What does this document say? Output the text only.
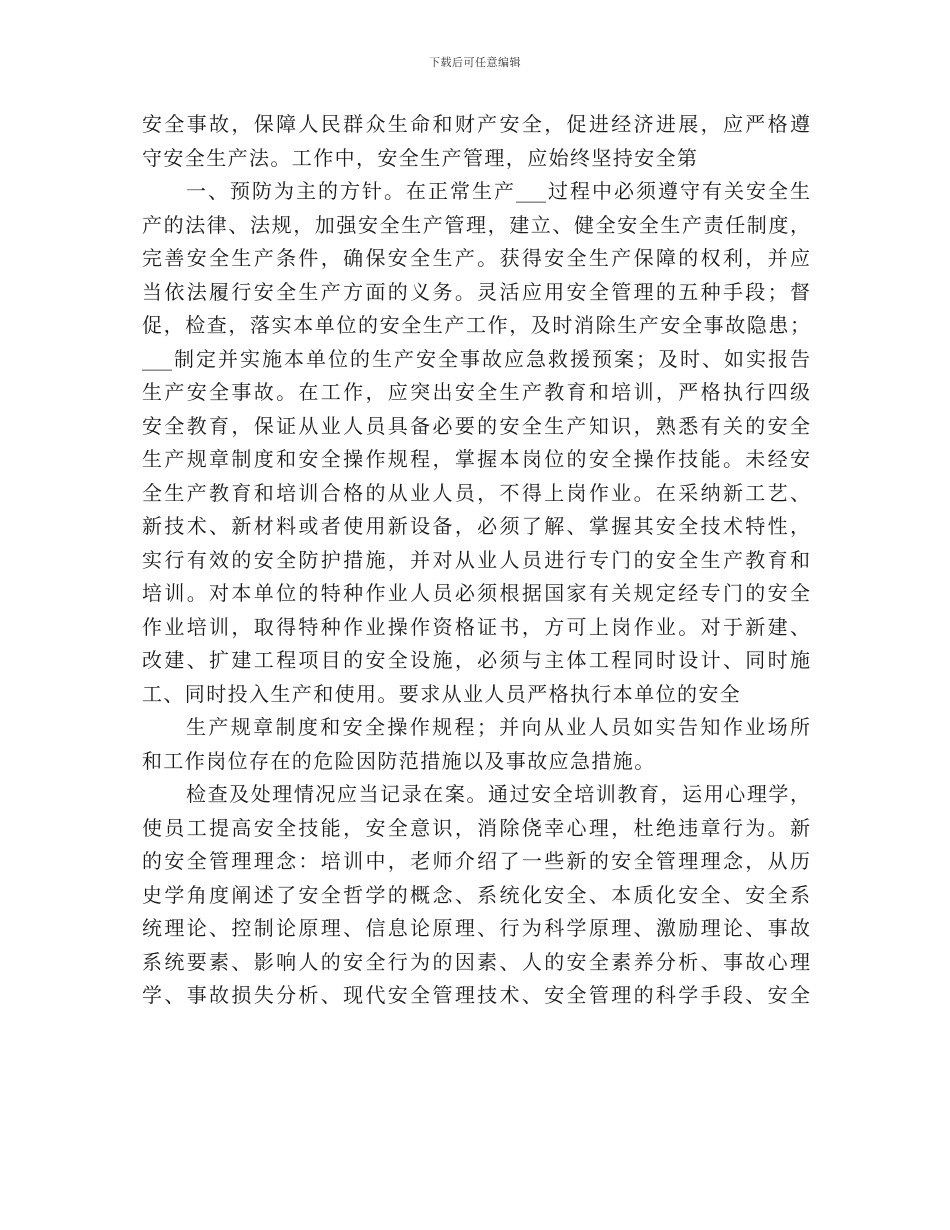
下载后可任意编辑
安全事故，保障人民群众生命和财产安全，促进经济进展，应严格遵
守安全生产法。工作中，安全生产管理，应始终坚持安全第
一、预防为主的方针。在正常生产___过程中必须遵守有关安全生
产的法律、法规，加强安全生产管理，建立、健全安全生产责任制度，
完善安全生产条件，确保安全生产。获得安全生产保障的权利，并应
当依法履行安全生产方面的义务。灵活应用安全管理的五种手段；督
促，检查，落实本单位的安全生产工作，及时消除生产安全事故隐患；
___制定并实施本单位的生产安全事故应急救援预案；及时、如实报告
生产安全事故。在工作，应突出安全生产教育和培训，严格执行四级
安全教育，保证从业人员具备必要的安全生产知识，熟悉有关的安全
生产规章制度和安全操作规程，掌握本岗位的安全操作技能。未经安
全生产教育和培训合格的从业人员，不得上岗作业。在采纳新工艺、
新技术、新材料或者使用新设备，必须了解、掌握其安全技术特性，
实行有效的安全防护措施，并对从业人员进行专门的安全生产教育和
培训。对本单位的特种作业人员必须根据国家有关规定经专门的安全
作业培训，取得特种作业操作资格证书，方可上岗作业。对于新建、
改建、扩建工程项目的安全设施，必须与主体工程同时设计、同时施
工、同时投入生产和使用。要求从业人员严格执行本单位的安全
生产规章制度和安全操作规程；并向从业人员如实告知作业场所
和工作岗位存在的危险因防范措施以及事故应急措施。
检查及处理情况应当记录在案。通过安全培训教育，运用心理学，
使员工提高安全技能，安全意识，消除侥幸心理，杜绝违章行为。新
的安全管理理念：培训中，老师介绍了一些新的安全管理理念，从历
史学角度阐述了安全哲学的概念、系统化安全、本质化安全、安全系
统理论、控制论原理、信息论原理、行为科学原理、激励理论、事故
系统要素、影响人的安全行为的因素、人的安全素养分析、事故心理
学、事故损失分析、现代安全管理技术、安全管理的科学手段、安全
